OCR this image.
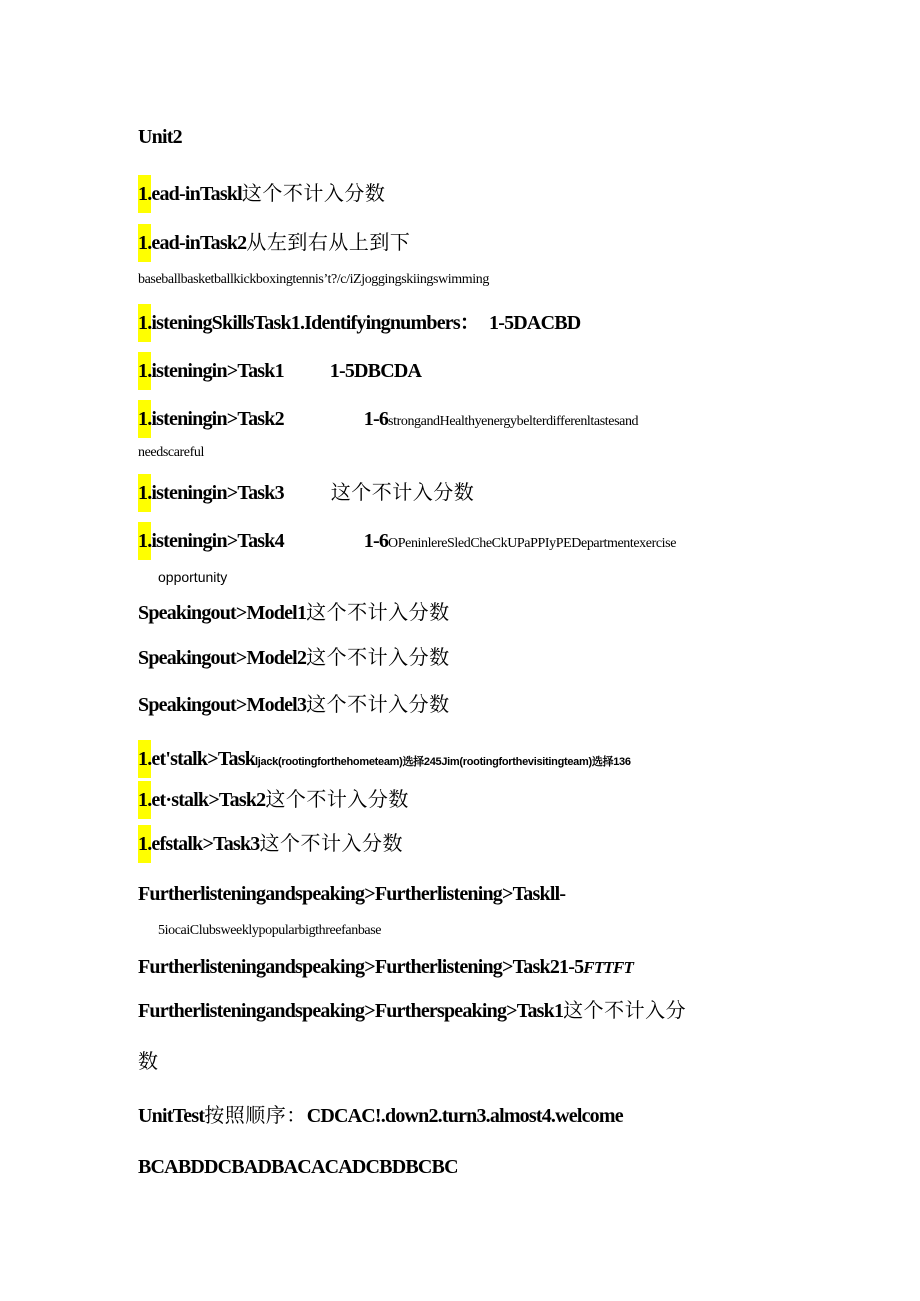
Unit2
1.ead-inTaskl这个不计入分数
1.ead-inTask2从左到右从上到下
baseballbasketballkickboxingtennis’t?/c/iZjoggingskiingswimming
1.isteningSkillsTask1.Identifyingnumbers： 1-5DACBD
1.isteningin>Task1 1-5DBCDA
1.isteningin>Task2	1-6strongandHealthyenergybelterdifferenltastesand
needscareful
1.isteningin>Task3 这个不计入分数
1.isteningin>Task4	1-6OPeninlereSledCheCkUPaPPIyPEDepartmentexercise
opportunity
Speakingout>Model1这个不计入分数
Speakingout>Model2这个不计入分数
Speakingout>Model3这个不计入分数
1.et'stalk>Taskljack(rootingforthehometeam)选择245Jim(rootingforthevisitingteam)选择136
1.et·stalk>Task2这个不计入分数
1.efstalk>Task3这个不计入分数
Furtherlisteningandspeaking>Furtherlistening>Taskll-
5iocaiClubsweeklypopularbigthreefanbase
Furtherlisteningandspeaking>Furtherlistening>Task21-5FTTFT
Furtherlisteningandspeaking>Furtherspeaking>Task1这个不计入分
数
UnitTest按照顺序：CDCAC!.down2.turn3.almost4.welcome
BCABDDCBADBACACADCBDBCBC
